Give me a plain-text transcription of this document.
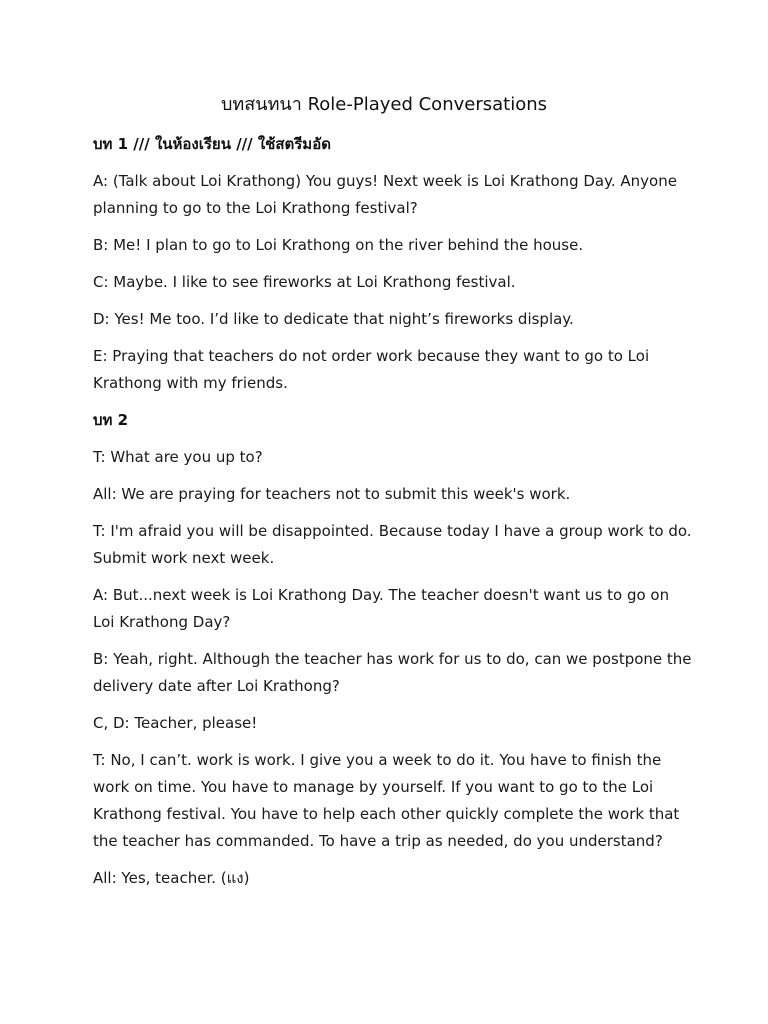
บทสนทนา Role-Played Conversations

บท 1 /// ในห้องเรียน /// ใช้สตรีมอัด

A: (Talk about Loi Krathong) You guys! Next week is Loi Krathong Day. Anyone planning to go to the Loi Krathong festival?

B: Me! I plan to go to Loi Krathong on the river behind the house.

C: Maybe. I like to see fireworks at Loi Krathong festival.

D: Yes! Me too. I’d like to dedicate that night’s fireworks display.

E: Praying that teachers do not order work because they want to go to Loi Krathong with my friends.

บท 2

T: What are you up to?

All: We are praying for teachers not to submit this week's work.

T: I'm afraid you will be disappointed. Because today I have a group work to do. Submit work next week.

A: But...next week is Loi Krathong Day. The teacher doesn't want us to go on Loi Krathong Day?

B: Yeah, right. Although the teacher has work for us to do, can we postpone the delivery date after Loi Krathong?

C, D: Teacher, please!

T: No, I can’t. work is work. I give you a week to do it. You have to finish the work on time. You have to manage by yourself. If you want to go to the Loi Krathong festival. You have to help each other quickly complete the work that the teacher has commanded. To have a trip as needed, do you understand?

All: Yes, teacher. (แง)
